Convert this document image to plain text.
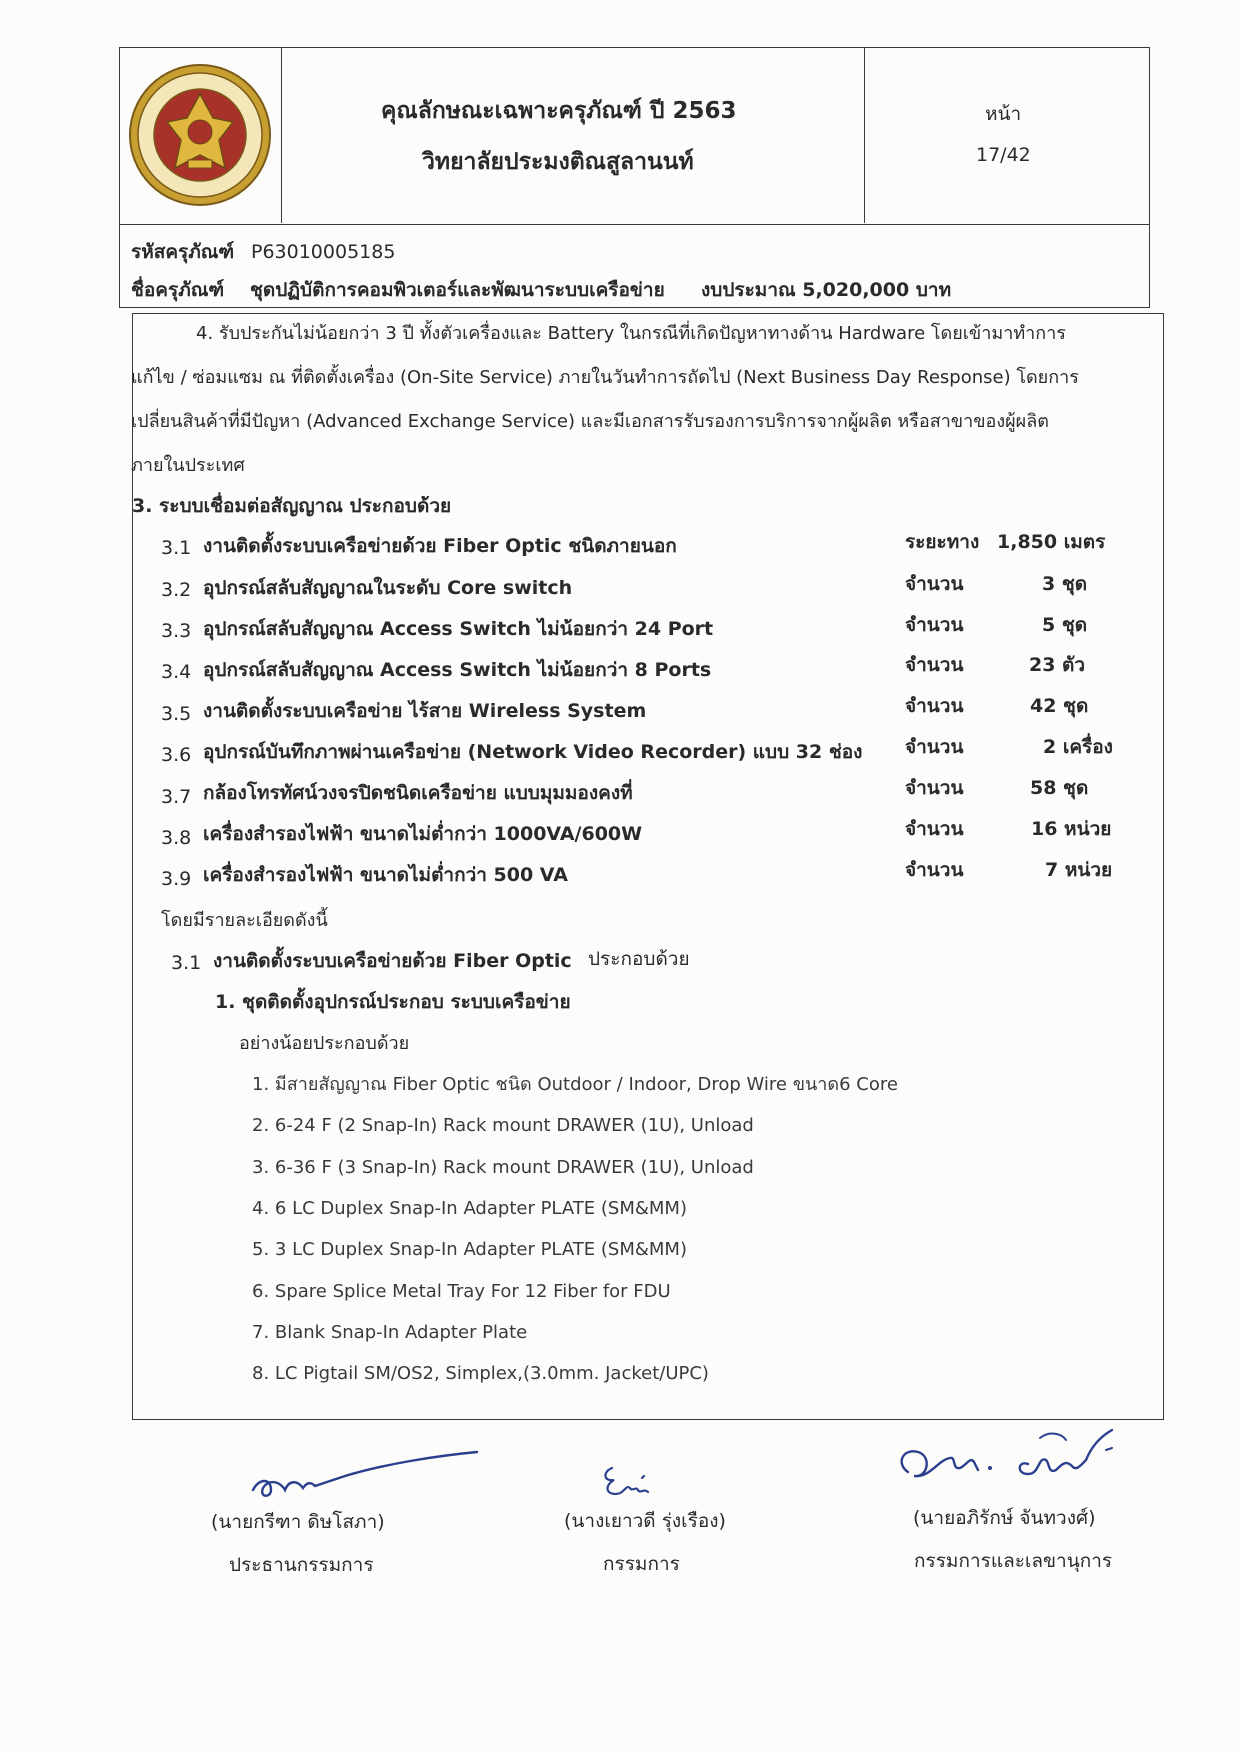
คุณลักษณะเฉพาะครุภัณฑ์ ปี 2563
วิทยาลัยประมงติณสูลานนท์
หน้า
17/42
รหัสครุภัณฑ์ P63010005185
ชื่อครุภัณฑ์ ชุดปฏิบัติการคอมพิวเตอร์และพัฒนาระบบเครือข่าย งบประมาณ 5,020,000 บาท
4. รับประกันไม่น้อยกว่า 3 ปี ทั้งตัวเครื่องและ Battery ในกรณีที่เกิดปัญหาทางด้าน Hardware โดยเข้ามาทำการ
แก้ไข / ซ่อมแซม ณ ที่ติดตั้งเครื่อง (On-Site Service) ภายในวันทำการถัดไป (Next Business Day Response) โดยการ
เปลี่ยนสินค้าที่มีปัญหา (Advanced Exchange Service) และมีเอกสารรับรองการบริการจากผู้ผลิต หรือสาขาของผู้ผลิต
ภายในประเทศ
3. ระบบเชื่อมต่อสัญญาณ ประกอบด้วย
3.1 งานติดตั้งระบบเครือข่ายด้วย Fiber Optic ชนิดภายนอก	ระยะทาง 1,850 เมตร
3.2 อุปกรณ์สลับสัญญาณในระดับ Core switch	จำนวน	3 ชุด
3.3 อุปกรณ์สลับสัญญาณ Access Switch ไม่น้อยกว่า 24 Port	จำนวน	5 ชุด
3.4 อุปกรณ์สลับสัญญาณ Access Switch ไม่น้อยกว่า 8 Ports	จำนวน	23 ตัว
3.5 งานติดตั้งระบบเครือข่าย ไร้สาย Wireless System	จำนวน	42 ชุด
3.6 อุปกรณ์บันทึกภาพผ่านเครือข่าย (Network Video Recorder) แบบ 32 ช่อง จำนวน	2 เครื่อง
3.7 กล้องโทรทัศน์วงจรปิดชนิดเครือข่าย แบบมุมมองคงที่	จำนวน	58 ชุด
3.8 เครื่องสำรองไฟฟ้า ขนาดไม่ต่ำกว่า 1000VA/600W	จำนวน	16 หน่วย
3.9 เครื่องสำรองไฟฟ้า ขนาดไม่ต่ำกว่า 500 VA	จำนวน	7 หน่วย
โดยมีรายละเอียดดังนี้
3.1 งานติดตั้งระบบเครือข่ายด้วย Fiber Optic ประกอบด้วย
1. ชุดติดตั้งอุปกรณ์ประกอบ ระบบเครือข่าย
อย่างน้อยประกอบด้วย
1. มีสายสัญญาณ Fiber Optic ชนิด Outdoor / Indoor, Drop Wire ขนาด6 Core
2. 6-24 F (2 Snap-In) Rack mount DRAWER (1U), Unload
3. 6-36 F (3 Snap-In) Rack mount DRAWER (1U), Unload
4. 6 LC Duplex Snap-In Adapter PLATE (SM&MM)
5. 3 LC Duplex Snap-In Adapter PLATE (SM&MM)
6. Spare Splice Metal Tray For 12 Fiber for FDU
7. Blank Snap-In Adapter Plate
8. LC Pigtail SM/OS2, Simplex,(3.0mm. Jacket/UPC)
(นายกรีฑา ดิษโสภา)
ประธานกรรมการ
(นางเยาวดี รุ่งเรือง)
กรรมการ
(นายอภิรักษ์ จันทวงศ์)
กรรมการและเลขานุการ
